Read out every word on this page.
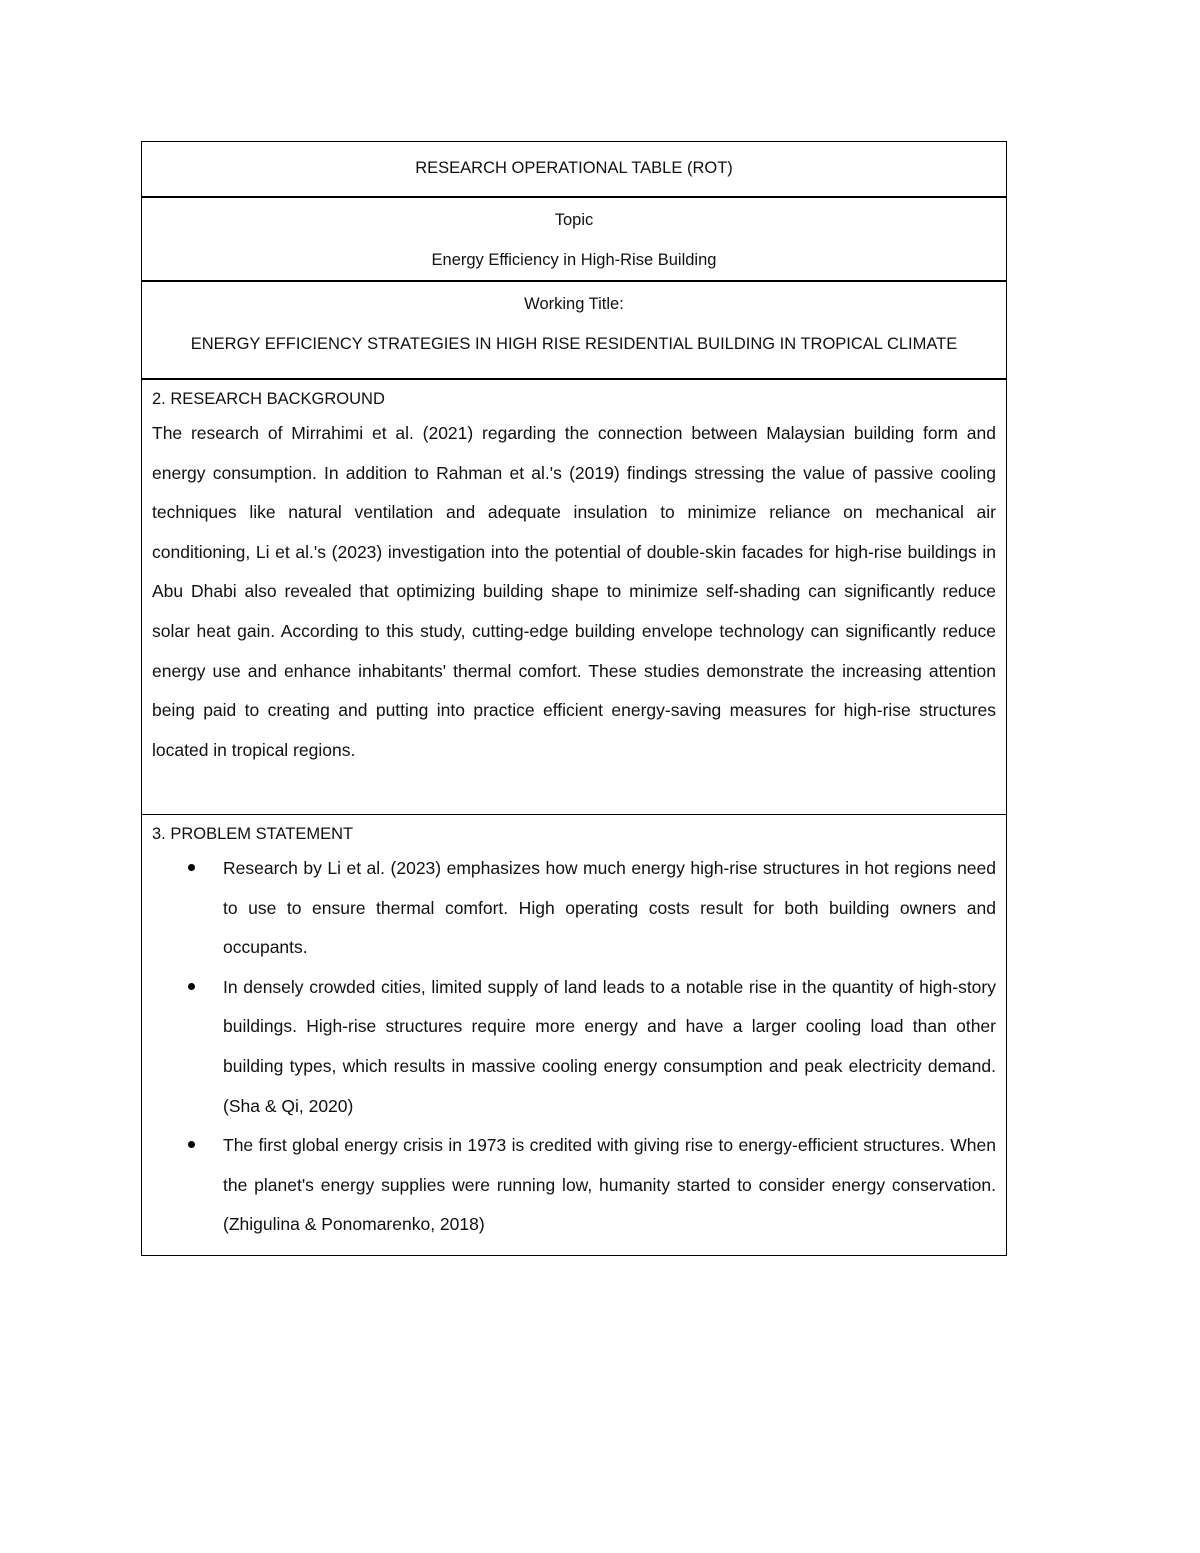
RESEARCH OPERATIONAL TABLE (ROT)
Topic
Energy Efficiency in High-Rise Building
Working Title:
ENERGY EFFICIENCY STRATEGIES IN HIGH RISE RESIDENTIAL BUILDING IN TROPICAL CLIMATE

2. RESEARCH BACKGROUND

The research of Mirrahimi et al. (2021) regarding the connection between Malaysian building form and energy consumption. In addition to Rahman et al.'s (2019) findings stressing the value of passive cooling techniques like natural ventilation and adequate insulation to minimize reliance on mechanical air conditioning, Li et al.'s (2023) investigation into the potential of double-skin facades for high-rise buildings in Abu Dhabi also revealed that optimizing building shape to minimize self-shading can significantly reduce solar heat gain. According to this study, cutting-edge building envelope technology can significantly reduce energy use and enhance inhabitants' thermal comfort. These studies demonstrate the increasing attention being paid to creating and putting into practice efficient energy-saving measures for high-rise structures located in tropical regions.

3. PROBLEM STATEMENT

Research by Li et al. (2023) emphasizes how much energy high-rise structures in hot regions need to use to ensure thermal comfort. High operating costs result for both building owners and occupants.
In densely crowded cities, limited supply of land leads to a notable rise in the quantity of high-story buildings. High-rise structures require more energy and have a larger cooling load than other building types, which results in massive cooling energy consumption and peak electricity demand. (Sha & Qi, 2020)
The first global energy crisis in 1973 is credited with giving rise to energy-efficient structures. When the planet's energy supplies were running low, humanity started to consider energy conservation. (Zhigulina & Ponomarenko, 2018)
